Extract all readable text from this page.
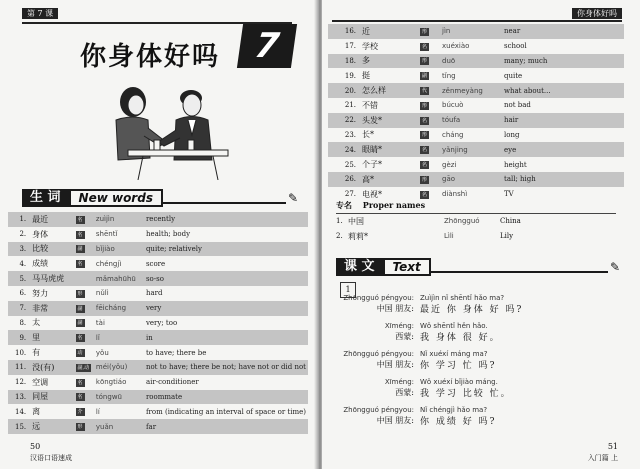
第 7 课
你身体好吗 7
生 词	New words	✎
1.	最近	名	zuìjìn	recently
2.	身体	名	shēntǐ	health; body
3.	比较	副	bǐjiào	quite; relatively
4.	成绩	名	chéngjì	score
5.	马马虎虎		mǎmahūhū	so-so
6.	努力	形	nǔlì	hard
7.	非常	副	fēicháng	very
8.	太	副	tài	very; too
9.	里	名	lǐ	in
10.	有	动	yǒu	to have; there be
11.	没(有)	副,动	méi(yǒu)	not to have; there be not; have not or did not
12.	空调	名	kōngtiáo	air-conditioner
13.	同屋	名	tóngwū	roommate
14.	离	介	lí	from (indicating an interval of space or time)
15.	远	形	yuǎn	far
50
汉语口语速成
你身体好吗
16.	近	形	jìn	near
17.	学校	名	xuéxiào	school
18.	多	形	duō	many; much
19.	挺	副	tǐng	quite
20.	怎么样	代	zěnmeyàng	what about...
21.	不错	形	búcuò	not bad
22.	头发*	名	tóufa	hair
23.	长*	形	cháng	long
24.	眼睛*	名	yǎnjing	eye
25.	个子*	名	gèzi	height
26.	高*	形	gāo	tall; high
27.	电视*	名	diànshì	TV
专名 Proper names
1. 中国	Zhōngguó	China
2. 莉莉*	Lìli	Lily
课 文	Text	✎
1
Zhōngguó péngyou: Zuìjìn nǐ shēntǐ hǎo ma?
中国 朋友: 最近 你 身体 好 吗?
Xīméng: Wǒ shēntǐ hěn hǎo.
西蒙: 我 身体 很 好。
Zhōngguó péngyou: Nǐ xuéxí máng ma?
中国 朋友: 你 学习 忙 吗?
Xīméng: Wǒ xuéxí bǐjiào máng.
西蒙: 我 学习 比较 忙。
Zhōngguó péngyou: Nǐ chéngjì hǎo ma?
中国 朋友: 你 成绩 好 吗?
51
入门篇 上
